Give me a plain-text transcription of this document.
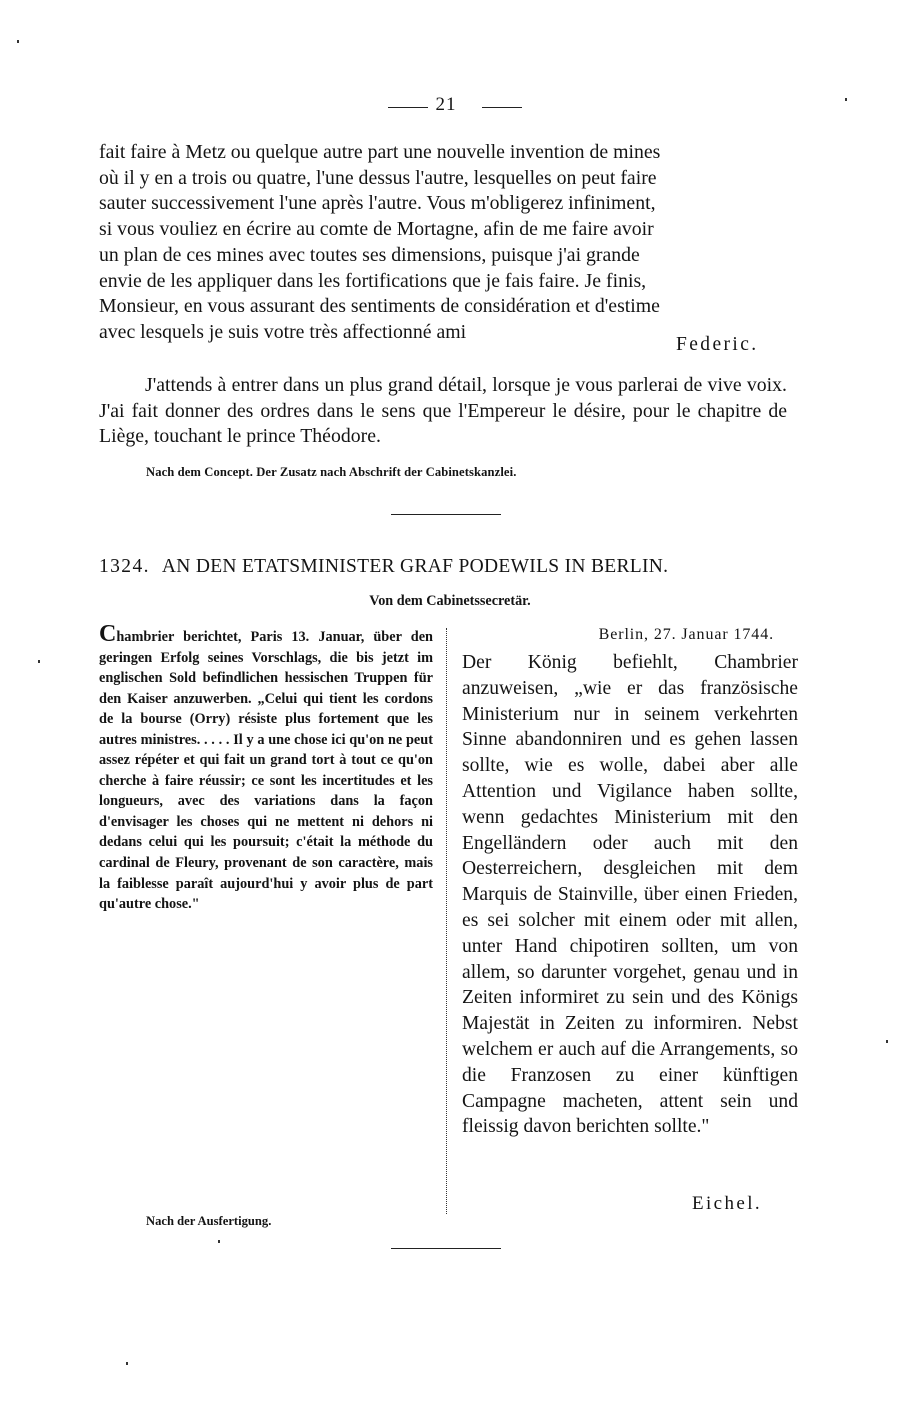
21

fait faire à Metz ou quelque autre part une nouvelle invention de mines

où il y en a trois ou quatre, l'une dessus l'autre, lesquelles on peut faire

sauter successivement l'une après l'autre. Vous m'obligerez infiniment,

si vous vouliez en écrire au comte de Mortagne, afin de me faire avoir

un plan de ces mines avec toutes ses dimensions, puisque j'ai grande

envie de les appliquer dans les fortifications que je fais faire. Je finis,

Monsieur, en vous assurant des sentiments de considération et d'estime

avec lesquels je suis votre très affectionné ami

Federic.
J'attends à entrer dans un plus grand détail, lorsque je vous parlerai de vive voix. J'ai fait donner des ordres dans le sens que l'Empereur le désire, pour le chapitre de Liège, touchant le prince Théodore.
Nach dem Concept. Der Zusatz nach Abschrift der Cabinetskanzlei.
1324. AN DEN ETATSMINISTER GRAF PODEWILS IN BERLIN.
Von dem Cabinetssecretär.
Chambrier berichtet, Paris 13. Januar, über den geringen Erfolg seines Vorschlags, die bis jetzt im englischen Sold befindlichen hessischen Truppen für den Kaiser anzuwerben. „Celui qui tient les cordons de la bourse (Orry) résiste plus fortement que les autres ministres. . . . . Il y a une chose ici qu'on ne peut assez répéter et qui fait un grand tort à tout ce qu'on cherche à faire réussir; ce sont les incertitudes et les longueurs, avec des variations dans la façon d'envisager les choses qui ne mettent ni dehors ni dedans celui qui les poursuit; c'était la méthode du cardinal de Fleury, provenant de son caractère, mais la faiblesse paraît aujourd'hui y avoir plus de part qu'autre chose."
Berlin, 27. Januar 1744.
Der König befiehlt, Chambrier anzuweisen, „wie er das französische Ministerium nur in seinem verkehrten Sinne abandonniren und es gehen lassen sollte, wie es wolle, dabei aber alle Attention und Vigilance haben sollte, wenn gedachtes Ministerium mit den Engelländern oder auch mit den Oesterreichern, desgleichen mit dem Marquis de Stainville, über einen Frieden, es sei solcher mit einem oder mit allen, unter Hand chipotiren sollten, um von allem, so darunter vorgehet, genau und in Zeiten informiret zu sein und des Königs Majestät in Zeiten zu informiren. Nebst welchem er auch auf die Arrangements, so die Franzosen zu einer künftigen Campagne macheten, attent sein und fleissig davon berichten sollte."
Eichel.
Nach der Ausfertigung.
